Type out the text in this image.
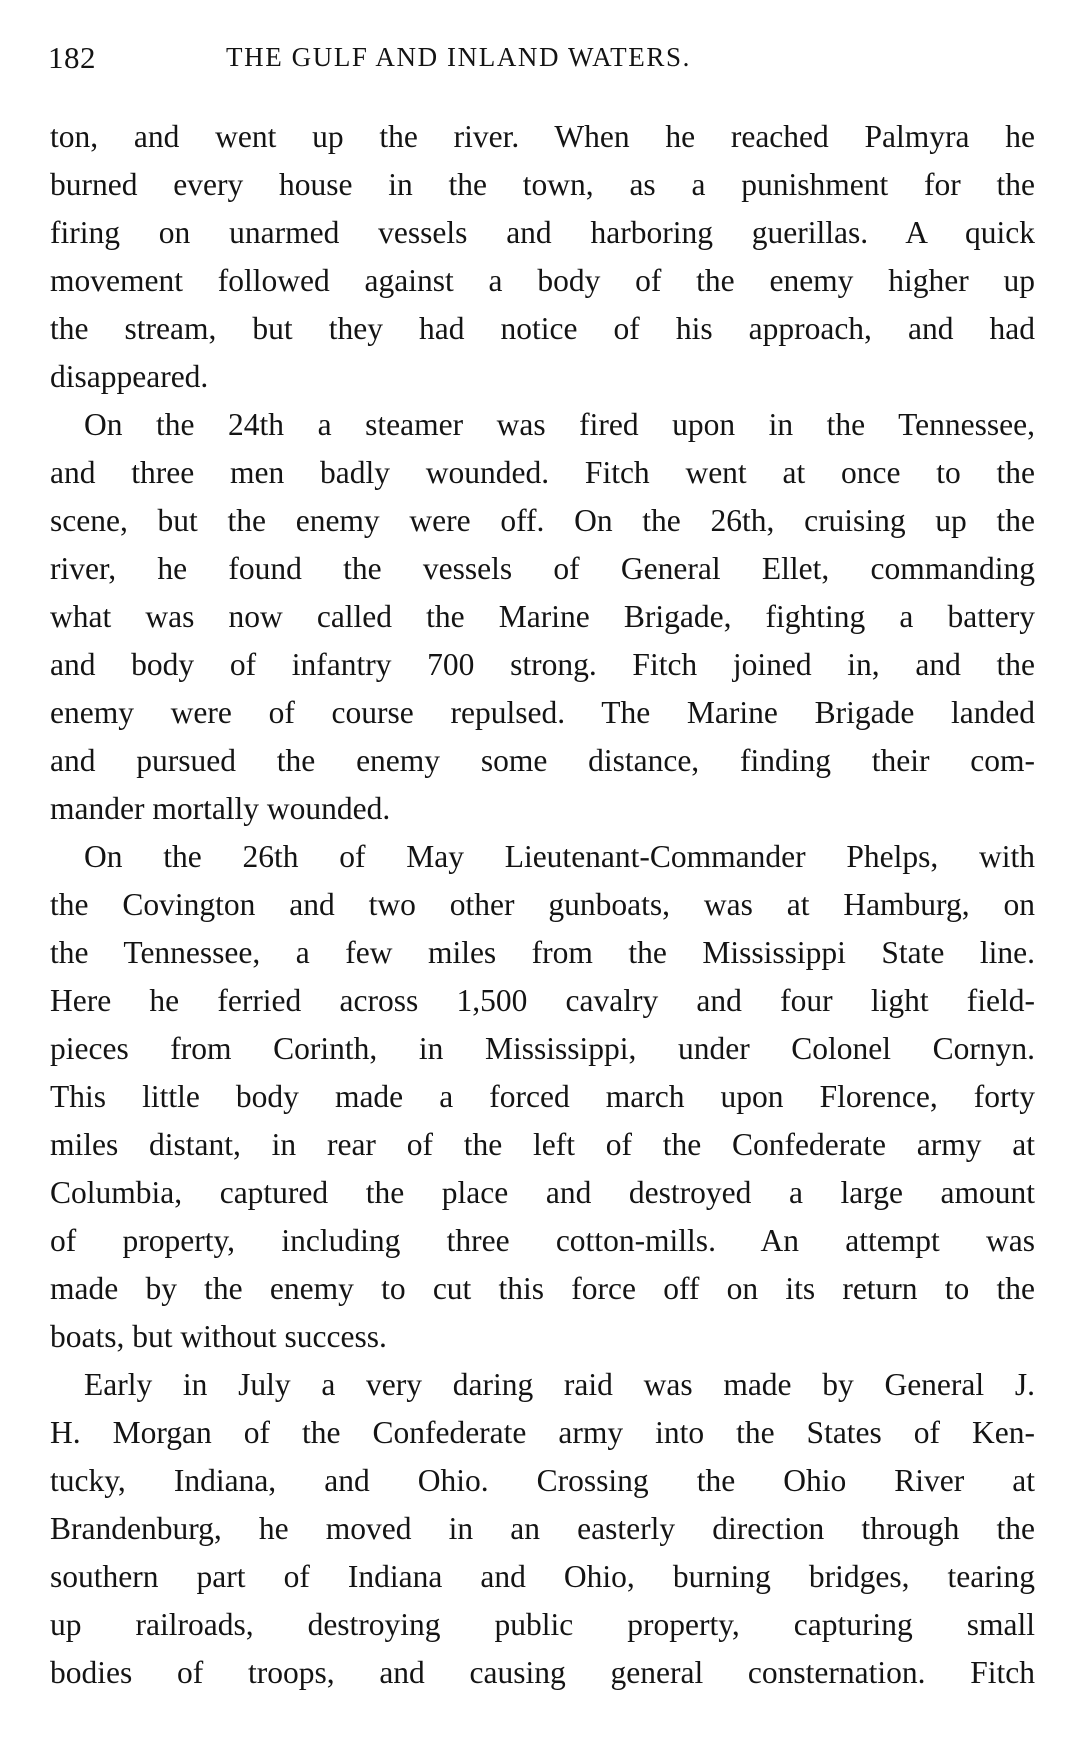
182	THE GULF AND INLAND WATERS.
ton, and went up the river. When he reached Palmyra he
burned every house in the town, as a punishment for the
firing on unarmed vessels and harboring guerillas. A quick
movement followed against a body of the enemy higher up
the stream, but they had notice of his approach, and had
disappeared.
On the 24th a steamer was fired upon in the Tennessee,
and three men badly wounded. Fitch went at once to the
scene, but the enemy were off. On the 26th, cruising up the
river, he found the vessels of General Ellet, commanding
what was now called the Marine Brigade, fighting a battery
and body of infantry 700 strong. Fitch joined in, and the
enemy were of course repulsed. The Marine Brigade landed
and pursued the enemy some distance, finding their com-
mander mortally wounded.
On the 26th of May Lieutenant-Commander Phelps, with
the Covington and two other gunboats, was at Hamburg, on
the Tennessee, a few miles from the Mississippi State line.
Here he ferried across 1,500 cavalry and four light field-
pieces from Corinth, in Mississippi, under Colonel Cornyn.
This little body made a forced march upon Florence, forty
miles distant, in rear of the left of the Confederate army at
Columbia, captured the place and destroyed a large amount
of property, including three cotton-mills. An attempt was
made by the enemy to cut this force off on its return to the
boats, but without success.
Early in July a very daring raid was made by General J.
H. Morgan of the Confederate army into the States of Ken-
tucky, Indiana, and Ohio. Crossing the Ohio River at
Brandenburg, he moved in an easterly direction through the
southern part of Indiana and Ohio, burning bridges, tearing
up railroads, destroying public property, capturing small
bodies of troops, and causing general consternation. Fitch
